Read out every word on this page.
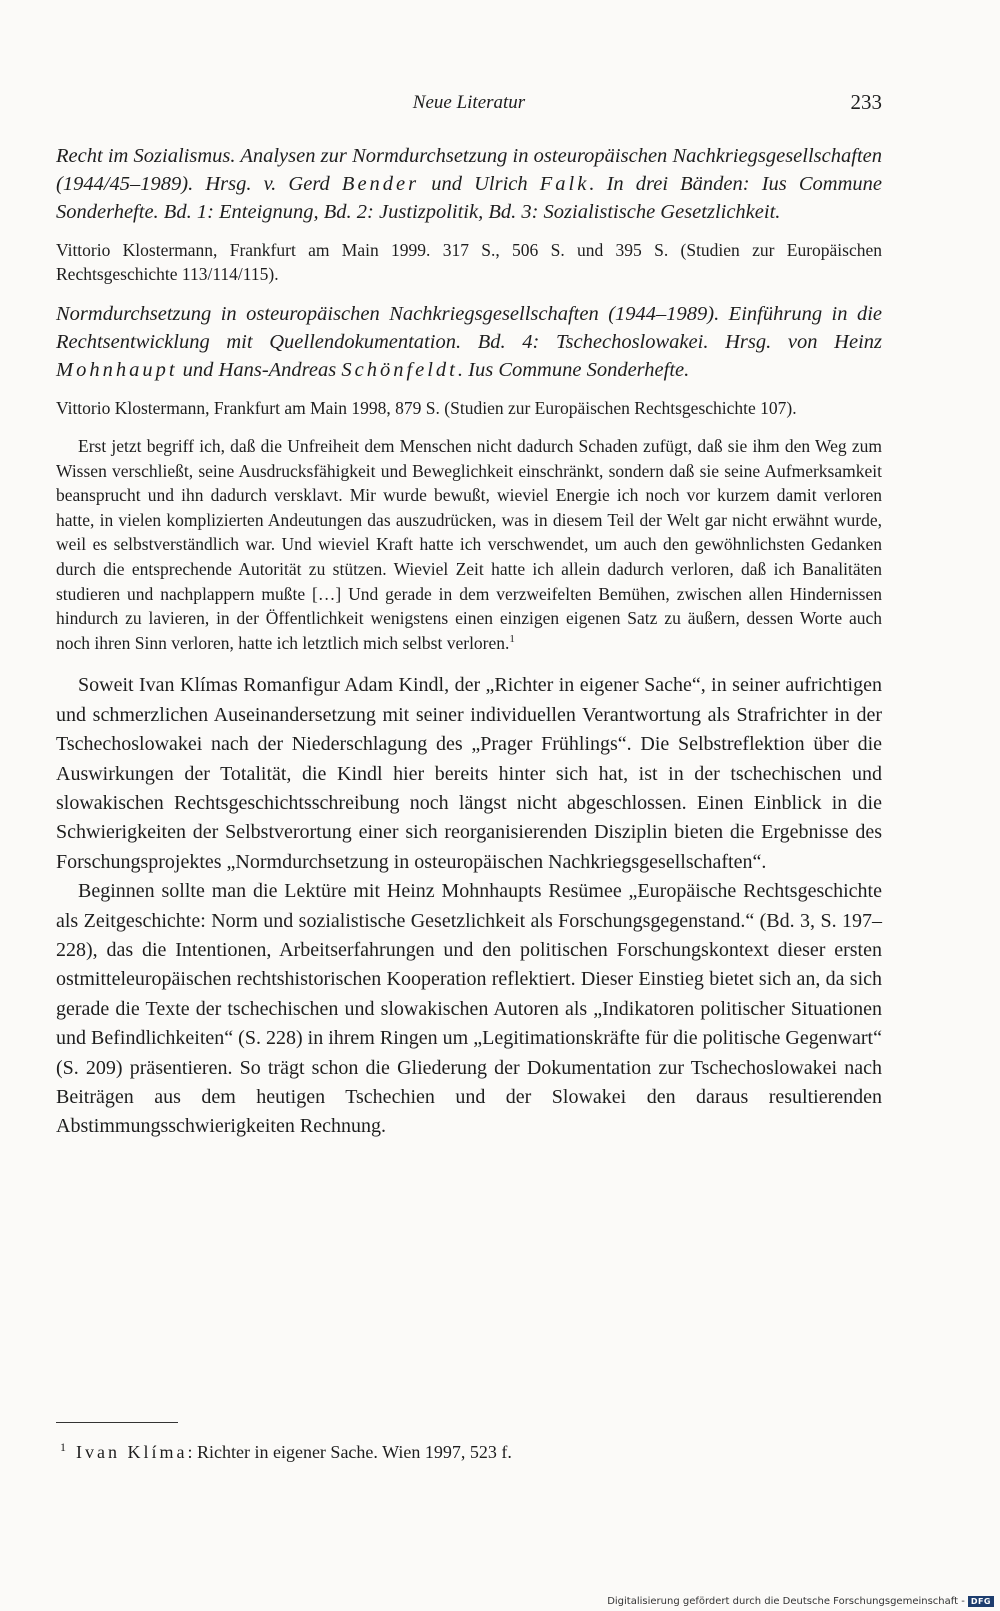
Neue Literatur	233

Recht im Sozialismus. Analysen zur Normdurchsetzung in osteuropäischen Nachkriegsgesellschaften (1944/45–1989). Hrsg. v. Gerd Bender und Ulrich Falk. In drei Bänden: Ius Commune Sonderhefte. Bd. 1: Enteignung, Bd. 2: Justizpolitik, Bd. 3: Sozialistische Gesetzlichkeit.

Vittorio Klostermann, Frankfurt am Main 1999. 317 S., 506 S. und 395 S. (Studien zur Europäischen Rechtsgeschichte 113/114/115).

Normdurchsetzung in osteuropäischen Nachkriegsgesellschaften (1944–1989). Einführung in die Rechtsentwicklung mit Quellendokumentation. Bd. 4: Tschechoslowakei. Hrsg. von Heinz Mohnhaupt und Hans-Andreas Schönfeldt. Ius Commune Sonderhefte.

Vittorio Klostermann, Frankfurt am Main 1998, 879 S. (Studien zur Europäischen Rechtsgeschichte 107).

Erst jetzt begriff ich, daß die Unfreiheit dem Menschen nicht dadurch Schaden zufügt, daß sie ihm den Weg zum Wissen verschließt, seine Ausdrucksfähigkeit und Beweglichkeit einschränkt, sondern daß sie seine Aufmerksamkeit beansprucht und ihn dadurch versklavt. Mir wurde bewußt, wieviel Energie ich noch vor kurzem damit verloren hatte, in vielen komplizierten Andeutungen das auszudrücken, was in diesem Teil der Welt gar nicht erwähnt wurde, weil es selbstverständlich war. Und wieviel Kraft hatte ich verschwendet, um auch den gewöhnlichsten Gedanken durch die entsprechende Autorität zu stützen. Wieviel Zeit hatte ich allein dadurch verloren, daß ich Banalitäten studieren und nachplappern mußte […] Und gerade in dem verzweifelten Bemühen, zwischen allen Hindernissen hindurch zu lavieren, in der Öffentlichkeit wenigstens einen einzigen eigenen Satz zu äußern, dessen Worte auch noch ihren Sinn verloren, hatte ich letztlich mich selbst verloren.$^1$

Soweit Ivan Klímas Romanfigur Adam Kindl, der „Richter in eigener Sache“, in seiner aufrichtigen und schmerzlichen Auseinandersetzung mit seiner individuellen Verantwortung als Strafrichter in der Tschechoslowakei nach der Niederschlagung des „Prager Frühlings“. Die Selbstreflektion über die Auswirkungen der Totalität, die Kindl hier bereits hinter sich hat, ist in der tschechischen und slowakischen Rechtsgeschichtsschreibung noch längst nicht abgeschlossen. Einen Einblick in die Schwierigkeiten der Selbstverortung einer sich reorganisierenden Disziplin bieten die Ergebnisse des Forschungsprojektes „Normdurchsetzung in osteuropäischen Nachkriegsgesellschaften“.

Beginnen sollte man die Lektüre mit Heinz Mohnhaupts Resümee „Europäische Rechtsgeschichte als Zeitgeschichte: Norm und sozialistische Gesetzlichkeit als Forschungsgegenstand.“ (Bd. 3, S. 197–228), das die Intentionen, Arbeitserfahrungen und den politischen Forschungskontext dieser ersten ostmitteleuropäischen rechtshistorischen Kooperation reflektiert. Dieser Einstieg bietet sich an, da sich gerade die Texte der tschechischen und slowakischen Autoren als „Indikatoren politischer Situationen und Befindlichkeiten“ (S. 228) in ihrem Ringen um „Legitimationskräfte für die politische Gegenwart“ (S. 209) präsentieren. So trägt schon die Gliederung der Dokumentation zur Tschechoslowakei nach Beiträgen aus dem heutigen Tschechien und der Slowakei den daraus resultierenden Abstimmungsschwierigkeiten Rechnung.

$^1$ Ivan Klíma: Richter in eigener Sache. Wien 1997, 523 f.
Digitalisierung gefördert durch die Deutsche Forschungsgemeinschaft - DFG
